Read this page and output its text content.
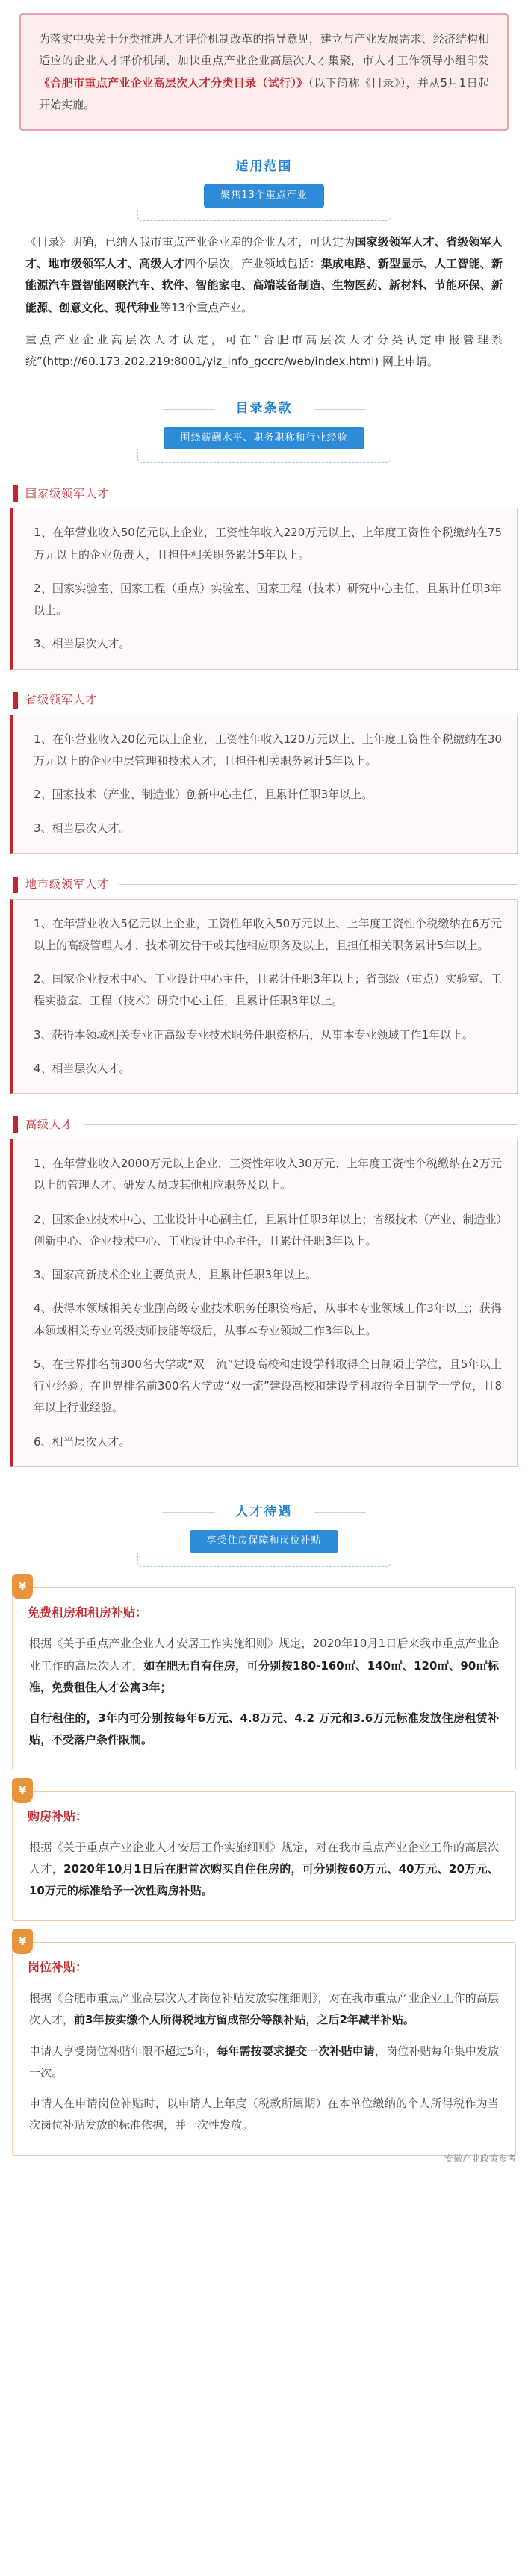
为落实中央关于分类推进人才评价机制改革的指导意见，建立与产业发展需求、经济结构相适应的企业人才评价机制，加快重点产业企业高层次人才集聚，市人才工作领导小组印发《合肥市重点产业企业高层次人才分类目录（试行）》（以下简称《目录》），并从5月1日起开始实施。
适用范围
聚焦13个重点产业
《目录》明确，已纳入我市重点产业企业库的企业人才，可认定为国家级领军人才、省级领军人才、地市级领军人才、高级人才四个层次，产业领域包括：集成电路、新型显示、人工智能、新能源汽车暨智能网联汽车、软件、智能家电、高端装备制造、生物医药、新材料、节能环保、新能源、创意文化、现代种业等13个重点产业。
重点产业企业高层次人才认定，可在“合肥市高层次人才分类认定申报管理系统”(http://60.173.202.219:8001/ylz_info_gccrc/web/index.html) 网上申请。
目录条款
围绕薪酬水平、职务职称和行业经验
国家级领军人才

1、在年营业收入50亿元以上企业，工资性年收入220万元以上、上年度工资性个税缴纳在75万元以上的企业负责人，且担任相关职务累计5年以上。

2、国家实验室、国家工程（重点）实验室、国家工程（技术）研究中心主任，且累计任职3年以上。

3、相当层次人才。

省级领军人才

1、在年营业收入20亿元以上企业，工资性年收入120万元以上、上年度工资性个税缴纳在30万元以上的企业中层管理和技术人才，且担任相关职务累计5年以上。

2、国家技术（产业、制造业）创新中心主任，且累计任职3年以上。

3、相当层次人才。

地市级领军人才

1、在年营业收入5亿元以上企业，工资性年收入50万元以上、上年度工资性个税缴纳在6万元以上的高级管理人才、技术研发骨干或其他相应职务及以上，且担任相关职务累计5年以上。

2、国家企业技术中心、工业设计中心主任，且累计任职3年以上；省部级（重点）实验室、工程实验室、工程（技术）研究中心主任，且累计任职3年以上。

3、获得本领域相关专业正高级专业技术职务任职资格后，从事本专业领域工作1年以上。

4、相当层次人才。

高级人才

1、在年营业收入2000万元以上企业，工资性年收入30万元、上年度工资性个税缴纳在2万元以上的管理人才、研发人员或其他相应职务及以上。

2、国家企业技术中心、工业设计中心副主任，且累计任职3年以上；省级技术（产业、制造业）创新中心、企业技术中心、工业设计中心主任，且累计任职3年以上。

3、国家高新技术企业主要负责人，且累计任职3年以上。

4、获得本领域相关专业副高级专业技术职务任职资格后，从事本专业领域工作3年以上；获得本领域相关专业高级技师技能等级后，从事本专业领域工作3年以上。

5、在世界排名前300名大学或“双一流”建设高校和建设学科取得全日制硕士学位，且5年以上行业经验；在世界排名前300名大学或“双一流”建设高校和建设学科取得全日制学士学位，且8年以上行业经验。

6、相当层次人才。

人才待遇
享受住房保障和岗位补贴
¥
免费租房和租房补贴：

根据《关于重点产业企业人才安居工作实施细则》规定，2020年10月1日后来我市重点产业企业工作的高层次人才，如在肥无自有住房，可分别按180-160㎡、140㎡、120㎡、90㎡标准，免费租住人才公寓3年；

自行租住的，3年内可分别按每年6万元、4.8万元、4.2 万元和3.6万元标准发放住房租赁补贴，不受落户条件限制。

¥
购房补贴：

根据《关于重点产业企业人才安居工作实施细则》规定，对在我市重点产业企业工作的高层次人才，2020年10月1日后在肥首次购买自住住房的，可分别按60万元、40万元、20万元、10万元的标准给予一次性购房补贴。

¥
岗位补贴：

根据《合肥市重点产业高层次人才岗位补贴发放实施细则》，对在我市重点产业企业工作的高层次人才，前3年按实缴个人所得税地方留成部分等额补贴，之后2年减半补贴。

申请人享受岗位补贴年限不超过5年，每年需按要求提交一次补贴申请，岗位补贴每年集中发放一次。

申请人在申请岗位补贴时，以申请人上年度（税款所属期）在本单位缴纳的个人所得税作为当次岗位补贴发放的标准依据，并一次性发放。

安徽产业政策参考
